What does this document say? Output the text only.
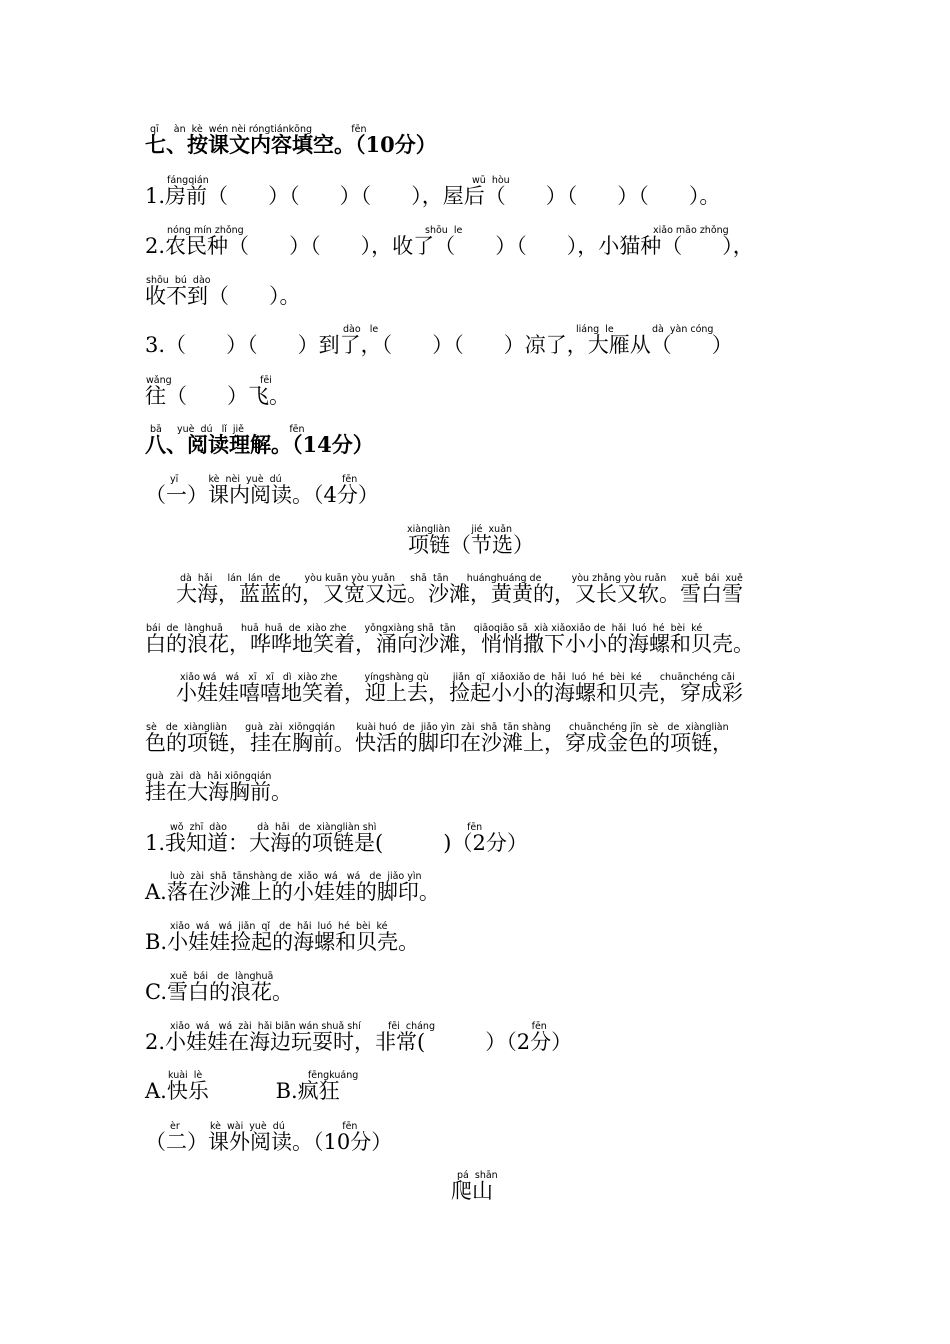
qī     àn  kè  wén nèi róngtiánkōng             fēn
七、按课文内容填空。（10分）
fángqián	wū  hòu
1.房前（      ）（      ）（      ），屋后（      ）（      ）（      ）。
nóng mín zhǒng	shōu  le	xiǎo māo zhǒng
2.农民种（      ）（      ），收了（      ）（      ），小猫种（      ），
shōu  bú  dào
收不到（      ）。
dào   le	liáng  le	dà  yàn cóng
3.（      ）（      ）到了，（      ）（      ）凉了，大雁从（      ）
wǎng	fēi
往（      ）飞。
bā     yuè  dú   lǐ  jiě               fēn
八、阅读理解。（14分）
yī          kè  nèi  yuè  dú                    fēn
（一）课内阅读。（4分）
xiàngliàn       jié  xuǎn
项链（节选）
dà  hǎi     lán  lán  de        yòu kuān yòu yuǎn     shā  tān      huánghuáng de          yòu zhǎng yòu ruǎn     xuě  bái  xuě
大海，蓝蓝的，又宽又远。沙滩，黄黄的，又长又软。雪白雪
bái  de  lànghuā      huā  huā  de  xiào zhe      yǒngxiàng shā  tān      qiāoqiāo sā  xià xiǎoxiǎo de  hǎi  luó  hé  bèi  ké
白的浪花，哗哗地笑着，涌向沙滩，悄悄撒下小小的海螺和贝壳。
xiǎo wá   wá   xī   xī   dì  xiào zhe         yíngshàng qù        jiǎn  qǐ  xiǎoxiǎo de  hǎi  luó  hé  bèi  ké      chuānchéng cǎi
小娃娃嘻嘻地笑着，迎上去，捡起小小的海螺和贝壳，穿成彩
sè   de  xiàngliàn      guà  zài  xiōngqián       kuài huó  de  jiǎo yìn  zài  shā  tān shàng      chuānchéng jīn  sè   de  xiàngliàn
色的项链，挂在胸前。快活的脚印在沙滩上，穿成金色的项链，
guà  zài  dà  hǎi xiōngqián
挂在大海胸前。
wǒ  zhī  dào          dà  hǎi   de  xiàngliàn shì                              fēn
1.我知道：大海的项链是(         )（2分）
luò  zài  shā  tānshàng de  xiǎo  wá   wá   de  jiǎo yìn
A.落在沙滩上的小娃娃的脚印。
xiǎo  wá   wá  jiǎn  qǐ   de  hǎi  luó  hé  bèi  ké
B.小娃娃捡起的海螺和贝壳。
xuě  bái   de  lànghuā
C.雪白的浪花。
xiǎo  wá   wá  zài  hǎi biān wán shuǎ shí         fēi  cháng                                fēn
2.小娃娃在海边玩耍时，非常(         ）（2分）
kuài  lè                                   fēngkuáng
A.快乐          B.疯狂
èr          kè  wài  yuè  dú                   fēn
（二）课外阅读。（10分）
pá  shān
爬山
